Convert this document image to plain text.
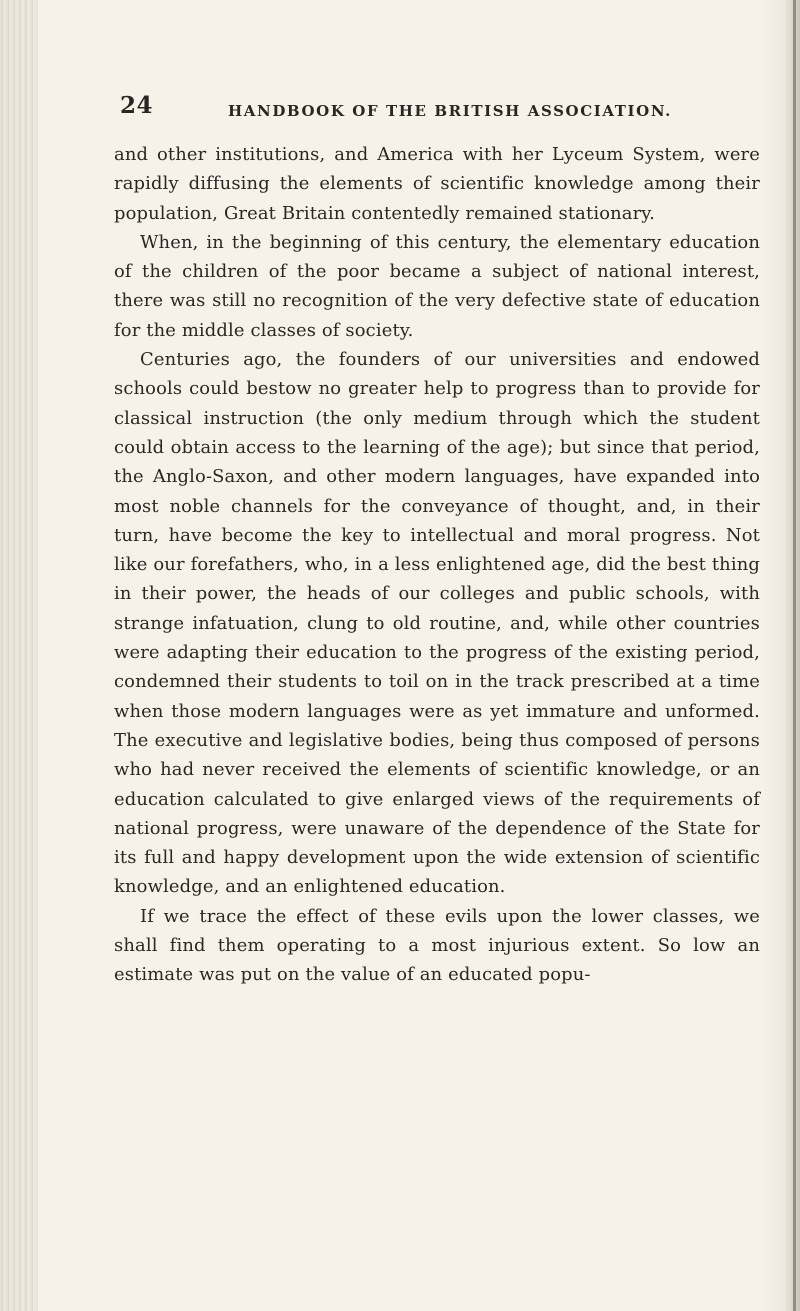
24	HANDBOOK OF THE BRITISH ASSOCIATION.

and other institutions, and America with her Lyceum System, were rapidly diffusing the elements of scientific knowledge among their population, Great Britain contentedly remained stationary.

When, in the beginning of this century, the elementary education of the children of the poor became a subject of national interest, there was still no recognition of the very defective state of education for the middle classes of society.

Centuries ago, the founders of our universities and endowed schools could bestow no greater help to progress than to provide for classical instruction (the only medium through which the student could obtain access to the learning of the age); but since that period, the Anglo-Saxon, and other modern languages, have expanded into most noble channels for the conveyance of thought, and, in their turn, have become the key to intellectual and moral progress. Not like our forefathers, who, in a less enlightened age, did the best thing in their power, the heads of our colleges and public schools, with strange infatuation, clung to old routine, and, while other countries were adapting their education to the progress of the existing period, condemned their students to toil on in the track prescribed at a time when those modern languages were as yet immature and unformed. The executive and legislative bodies, being thus composed of persons who had never received the elements of scientific knowledge, or an education calculated to give enlarged views of the requirements of national progress, were unaware of the dependence of the State for its full and happy development upon the wide extension of scientific knowledge, and an enlightened education.

If we trace the effect of these evils upon the lower classes, we shall find them operating to a most injurious extent. So low an estimate was put on the value of an educated popu-
